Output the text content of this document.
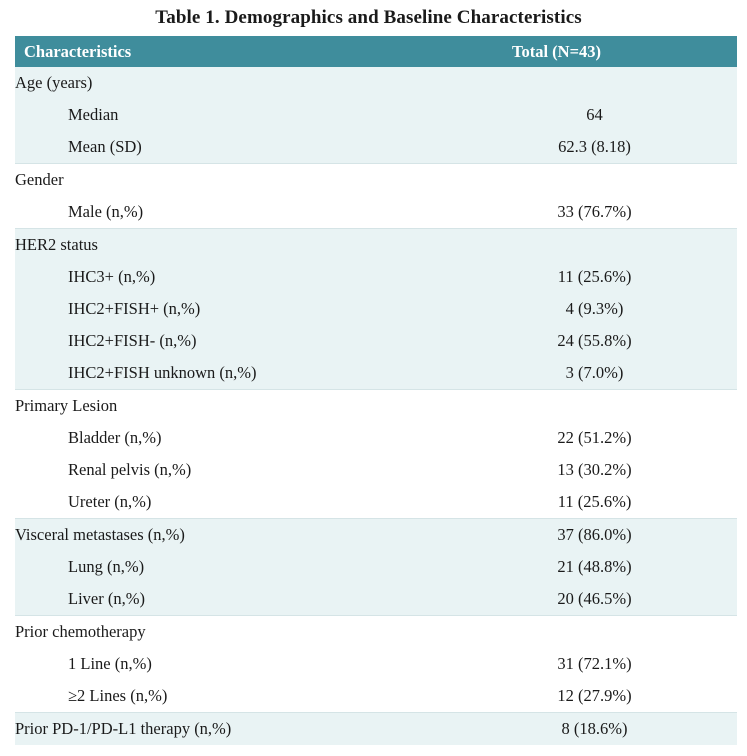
Table 1. Demographics and Baseline Characteristics
Characteristics	Total (N=43)
Age (years)	
Median	64
Mean (SD)	62.3 (8.18)
Gender	
Male (n,%)	33 (76.7%)
HER2 status	
IHC3+ (n,%)	11 (25.6%)
IHC2+FISH+ (n,%)	4 (9.3%)
IHC2+FISH- (n,%)	24 (55.8%)
IHC2+FISH unknown (n,%)	3 (7.0%)
Primary Lesion	
Bladder (n,%)	22 (51.2%)
Renal pelvis (n,%)	13 (30.2%)
Ureter (n,%)	11 (25.6%)
Visceral metastases (n,%)	37 (86.0%)
Lung (n,%)	21 (48.8%)
Liver (n,%)	20 (46.5%)
Prior chemotherapy	
1 Line (n,%)	31 (72.1%)
≥2 Lines (n,%)	12 (27.9%)
Prior PD-1/PD-L1 therapy (n,%)	8 (18.6%)
